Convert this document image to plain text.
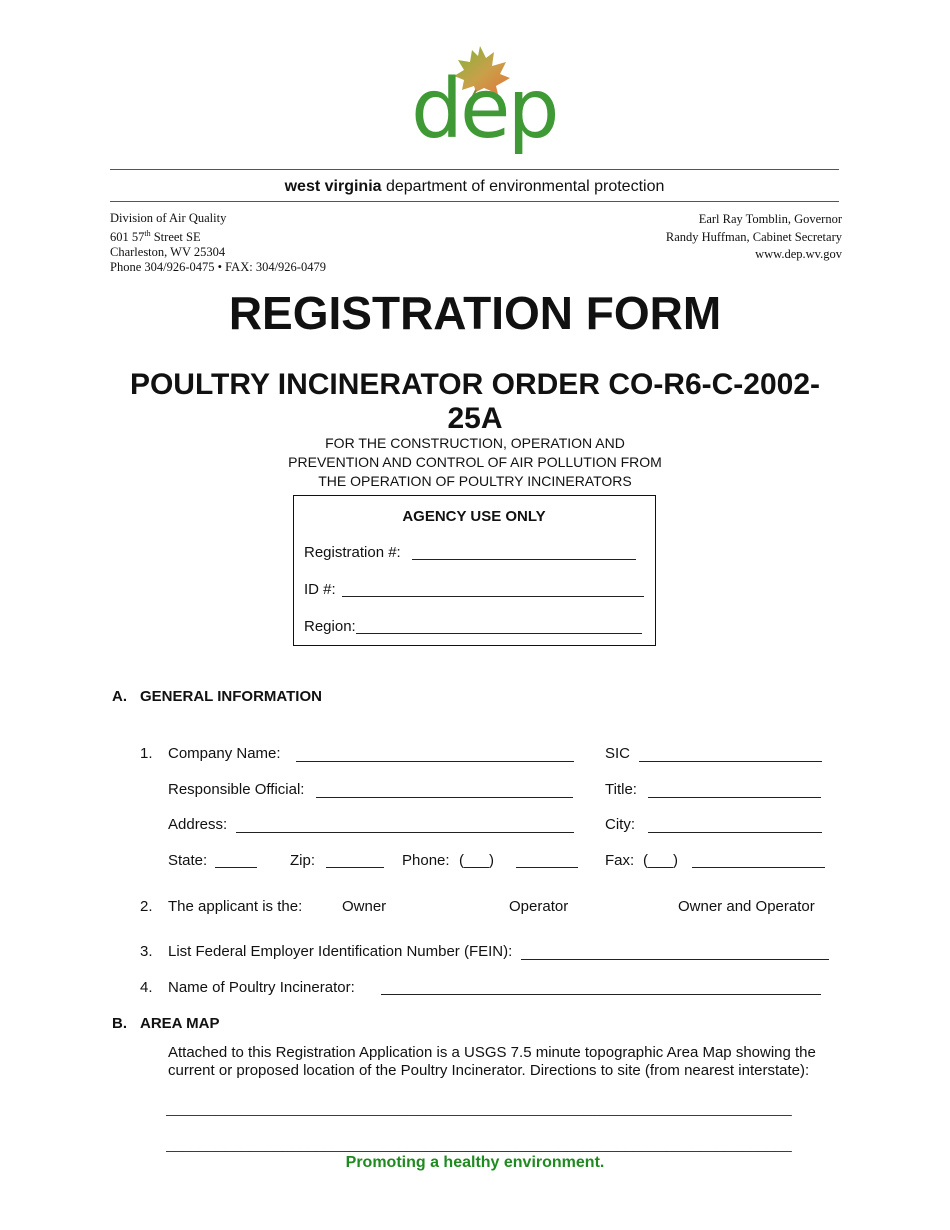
dep
west virginia department of environmental protection
Division of Air Quality
601 57th Street SE
Charleston, WV 25304
Phone 304/926-0475 • FAX: 304/926-0479
Earl Ray Tomblin, Governor
Randy Huffman, Cabinet Secretary
www.dep.wv.gov
REGISTRATION FORM
POULTRY INCINERATOR ORDER CO-R6-C-2002-
25A
FOR THE CONSTRUCTION, OPERATION AND
PREVENTION AND CONTROL OF AIR POLLUTION FROM
THE OPERATION OF POULTRY INCINERATORS
AGENCY USE ONLY
Registration #:
ID #:
Region:
A. GENERAL INFORMATION
1. Company Name:	SIC
Responsible Official:	Title:
Address:	City:
State:	Zip:	Phone: (___)	Fax: (___)
2. The applicant is the:	Owner	Operator	Owner and Operator
3. List Federal Employer Identification Number (FEIN):
4. Name of Poultry Incinerator:
B. AREA MAP
Attached to this Registration Application is a USGS 7.5 minute topographic Area Map showing the
current or proposed location of the Poultry Incinerator. Directions to site (from nearest interstate):
___________________________________________________________________________
___________________________________________________________________________
Promoting a healthy environment.
